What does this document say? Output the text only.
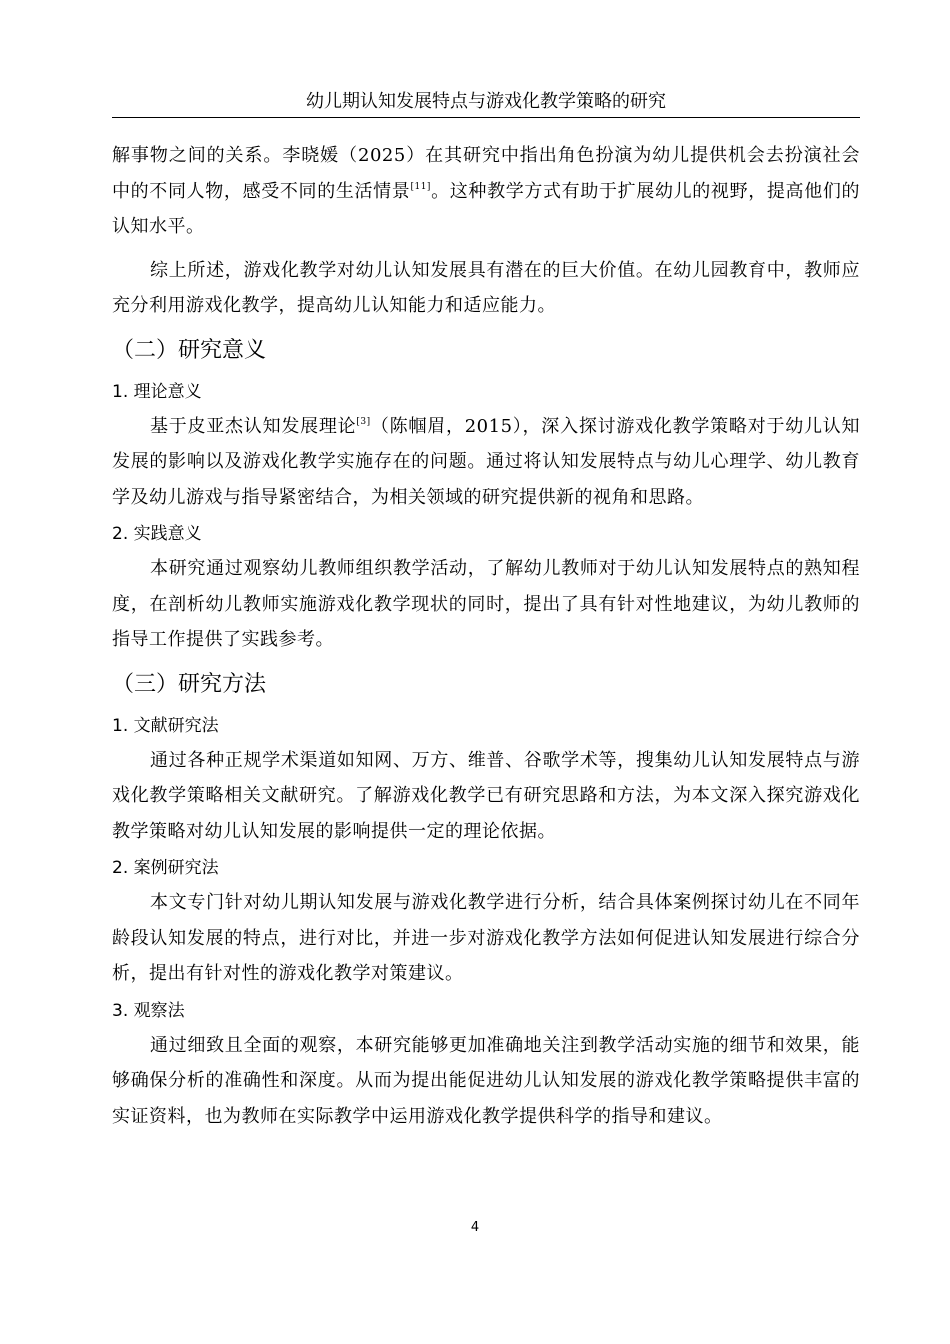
幼儿期认知发展特点与游戏化教学策略的研究

解事物之间的关系。李晓媛（2025）在其研究中指出角色扮演为幼儿提供机会去扮演社会中的不同人物，感受不同的生活情景[11]。这种教学方式有助于扩展幼儿的视野，提高他们的认知水平。

综上所述，游戏化教学对幼儿认知发展具有潜在的巨大价值。在幼儿园教育中，教师应充分利用游戏化教学，提高幼儿认知能力和适应能力。

（二）研究意义
1. 理论意义

基于皮亚杰认知发展理论[3]（陈帼眉，2015），深入探讨游戏化教学策略对于幼儿认知发展的影响以及游戏化教学实施存在的问题。通过将认知发展特点与幼儿心理学、幼儿教育学及幼儿游戏与指导紧密结合，为相关领域的研究提供新的视角和思路。

2. 实践意义

本研究通过观察幼儿教师组织教学活动，了解幼儿教师对于幼儿认知发展特点的熟知程度，在剖析幼儿教师实施游戏化教学现状的同时，提出了具有针对性地建议，为幼儿教师的指导工作提供了实践参考。

（三）研究方法
1. 文献研究法

通过各种正规学术渠道如知网、万方、维普、谷歌学术等，搜集幼儿认知发展特点与游戏化教学策略相关文献研究。了解游戏化教学已有研究思路和方法，为本文深入探究游戏化教学策略对幼儿认知发展的影响提供一定的理论依据。

2. 案例研究法

本文专门针对幼儿期认知发展与游戏化教学进行分析，结合具体案例探讨幼儿在不同年龄段认知发展的特点，进行对比，并进一步对游戏化教学方法如何促进认知发展进行综合分析，提出有针对性的游戏化教学对策建议。

3. 观察法

通过细致且全面的观察，本研究能够更加准确地关注到教学活动实施的细节和效果，能够确保分析的准确性和深度。从而为提出能促进幼儿认知发展的游戏化教学策略提供丰富的实证资料，也为教师在实际教学中运用游戏化教学提供科学的指导和建议。

4
